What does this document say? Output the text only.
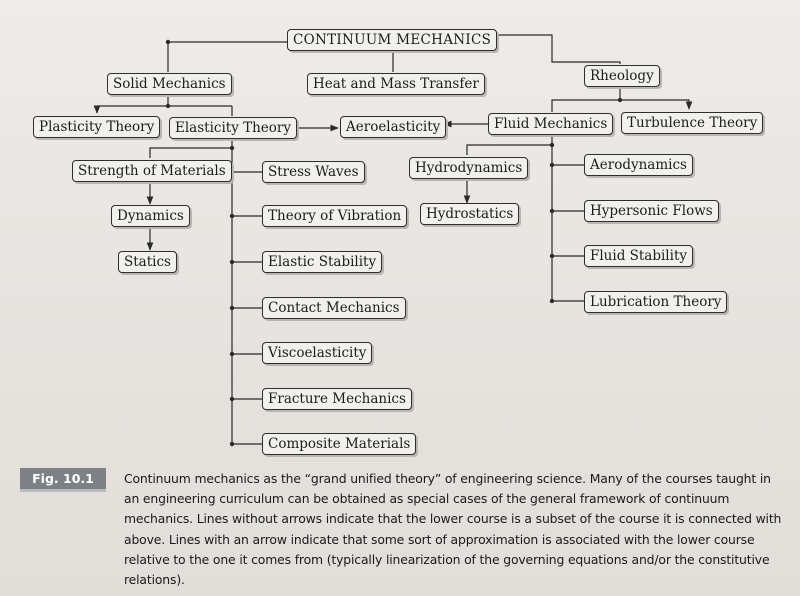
CONTINUUM MECHANICS
Solid Mechanics	Heat and Mass Transfer	Rheology
Plasticity Theory	Elasticity Theory	Aeroelasticity	Fluid Mechanics	Turbulence Theory
Strength of Materials	Stress Waves	Hydrodynamics	Aerodynamics
Dynamics	Theory of Vibration	Hydrostatics	Hypersonic Flows
Statics	Elastic Stability	Fluid Stability
Contact Mechanics	Lubrication Theory
Viscoelasticity
Fracture Mechanics
Composite Materials
Fig. 10.1	Continuum mechanics as the “grand unified theory” of engineering science. Many of the courses taught in an engineering curriculum can be obtained as special cases of the general framework of continuum mechanics. Lines without arrows indicate that the lower course is a subset of the course it is connected with above. Lines with an arrow indicate that some sort of approximation is associated with the lower course relative to the one it comes from (typically linearization of the governing equations and/or the constitutive relations).
